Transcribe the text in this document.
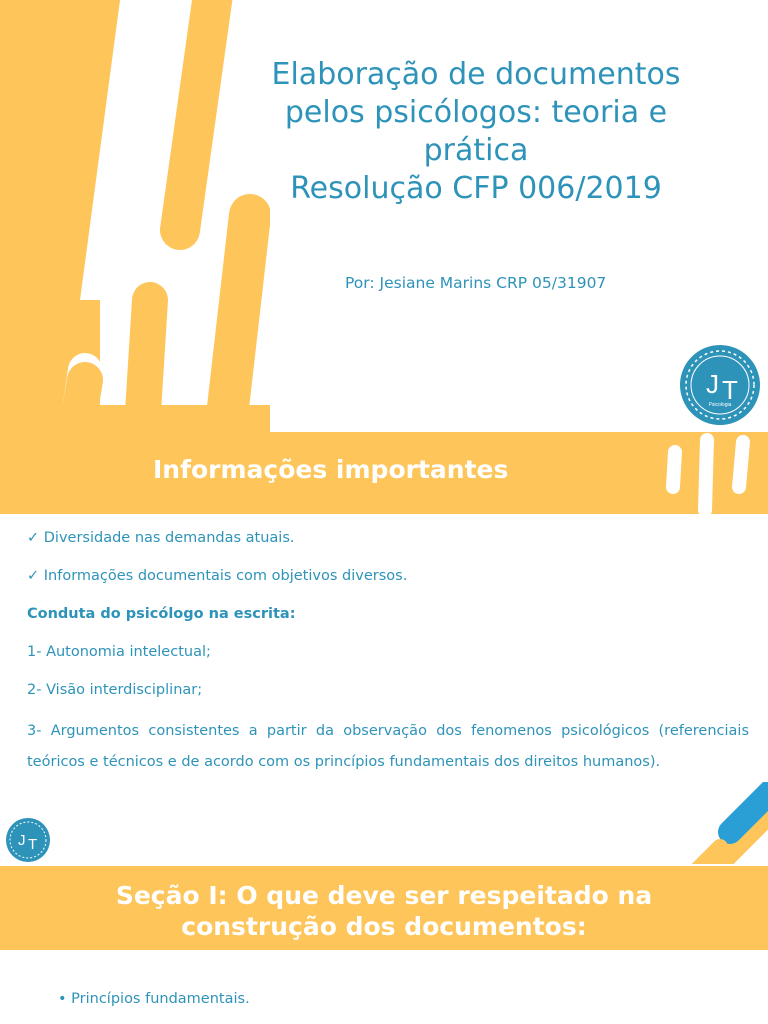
Elaboração de documentos
pelos psicólogos: teoria e
prática
Resolução CFP 006/2019
Por: Jesiane Marins CRP 05/31907
J T
Psicologia
Informações importantes
✓ Diversidade nas demandas atuais.
✓ Informações documentais com objetivos diversos.
Conduta do psicólogo na escrita:
1- Autonomia intelectual;
2- Visão interdisciplinar;
3- Argumentos consistentes a partir da observação dos fenomenos psicológicos (referenciais teóricos e técnicos e de acordo com os princípios fundamentais dos direitos humanos).
J T
Seção I: O que deve ser respeitado na
construção dos documentos:
• Princípios fundamentais.
